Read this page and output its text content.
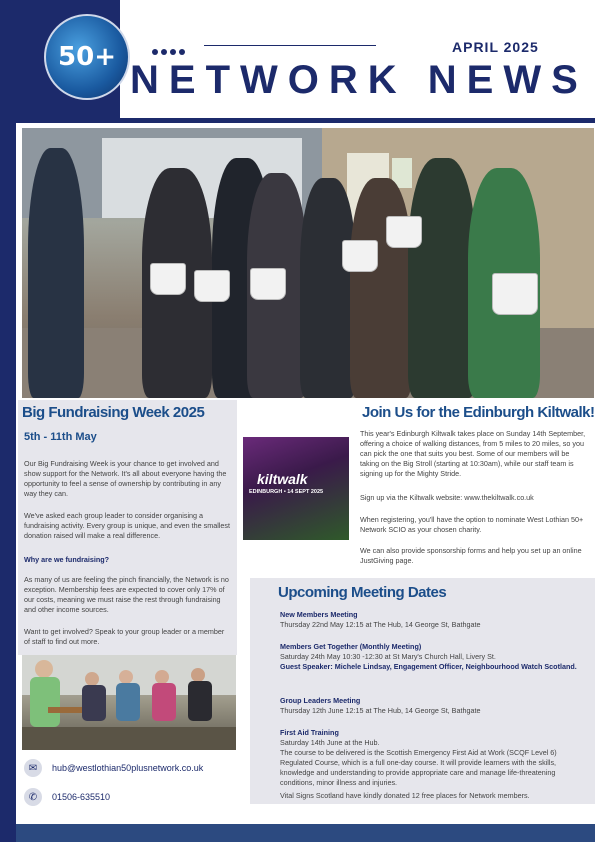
50+	APRIL 2025
NETWORK NEWS
Big Fundraising Week 2025
5th - 11th May
Our Big Fundraising Week is your chance to get involved and show support for the Network. It's all about everyone having the opportunity to feel a sense of ownership by contributing in any way they can.
We've asked each group leader to consider organising a fundraising activity. Every group is unique, and even the smallest donation raised will make a real difference.
Why are we fundraising?
As many of us are feeling the pinch financially, the Network is no exception. Membership fees are expected to cover only 17% of our costs, meaning we must raise the rest through fundraising and other income sources.
Want to get involved? Speak to your group leader or a member of staff to find out more.
✉	hub@westlothian50plusnetwork.co.uk
✆	01506-635510
Join Us for the Edinburgh Kiltwalk!
kiltwalk
EDINBURGH • 14 SEPT 2025
This year's Edinburgh Kiltwalk takes place on Sunday 14th September, offering a choice of walking distances, from 5 miles to 20 miles, so you can pick the one that suits you best. Some of our members will be taking on the Big Stroll (starting at 10:30am), while our staff team is signing up for the Mighty Stride.
Sign up via the Kiltwalk website: www.thekiltwalk.co.uk
When registering, you'll have the option to nominate West Lothian 50+ Network SCIO as your chosen charity.
We can also provide sponsorship forms and help you set up an online JustGiving page.
Upcoming Meeting Dates
New Members Meeting
Thursday 22nd May 12:15 at The Hub, 14 George St, Bathgate
Members Get Together (Monthly Meeting)
Saturday 24th May 10:30 -12:30 at St Mary's Church Hall, Livery St.
Guest Speaker: Michele Lindsay, Engagement Officer, Neighbourhood Watch Scotland.
Group Leaders Meeting
Thursday 12th June 12:15 at The Hub, 14 George St, Bathgate
First Aid Training
Saturday 14th June at the Hub.
The course to be delivered is the Scottish Emergency First Aid at Work (SCQF Level 6) Regulated Course, which is a full one-day course. It will provide learners with the skills, knowledge and understanding to provide appropriate care and manage life-threatening conditions, minor illness and injuries.
Vital Signs Scotland have kindly donated 12 free places for Network members.
